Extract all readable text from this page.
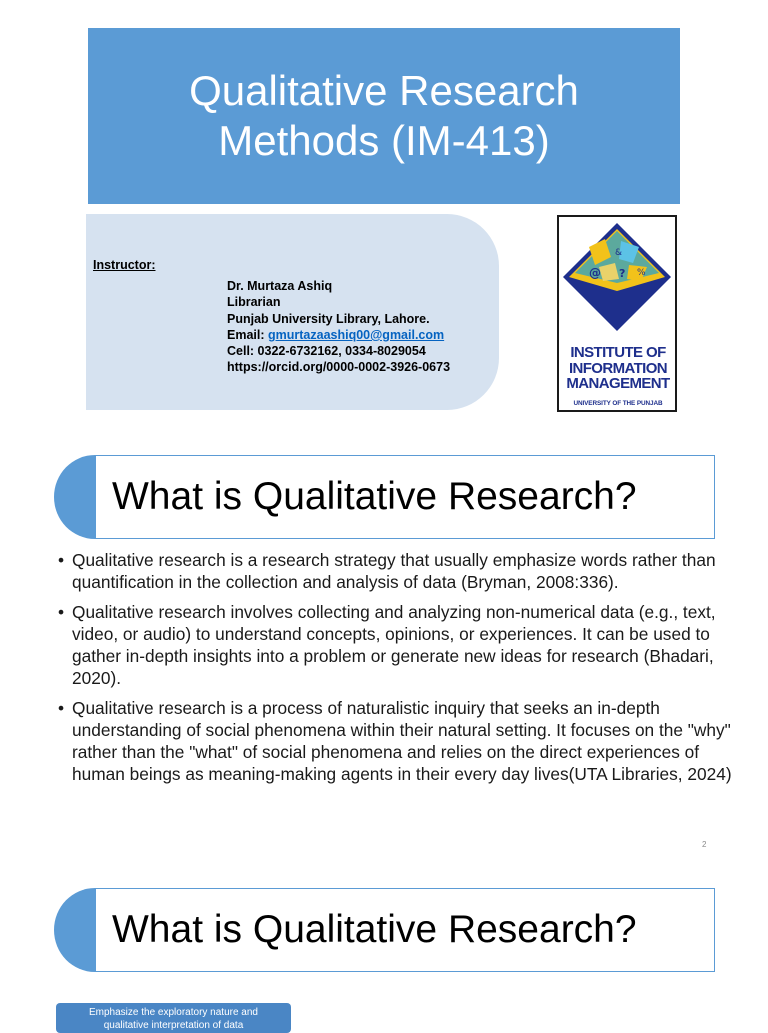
Qualitative Research
Methods (IM-413)
Instructor:
Dr. Murtaza Ashiq
Librarian
Punjab University Library, Lahore.
Email: gmurtazaashiq00@gmail.com
Cell: 0322-6732162, 0334-8029054
https://orcid.org/0000-0002-3926-0673
@
&
%
?
INSTITUTE OF
INFORMATION
MANAGEMENT
UNIVERSITY OF THE PUNJAB
What is Qualitative Research?
• Qualitative research is a research strategy that usually emphasize words rather than quantification in the collection and analysis of data (Bryman, 2008:336).
• Qualitative research involves collecting and analyzing non-numerical data (e.g., text, video, or audio) to understand concepts, opinions, or experiences. It can be used to gather in-depth insights into a problem or generate new ideas for research (Bhadari, 2020).
• Qualitative research is a process of naturalistic inquiry that seeks an in-depth understanding of social phenomena within their natural setting. It focuses on the "why" rather than the "what" of social phenomena and relies on the direct experiences of human beings as meaning-making agents in their every day lives(UTA Libraries, 2024)
2
What is Qualitative Research?
Emphasize the exploratory nature and
qualitative interpretation of data
